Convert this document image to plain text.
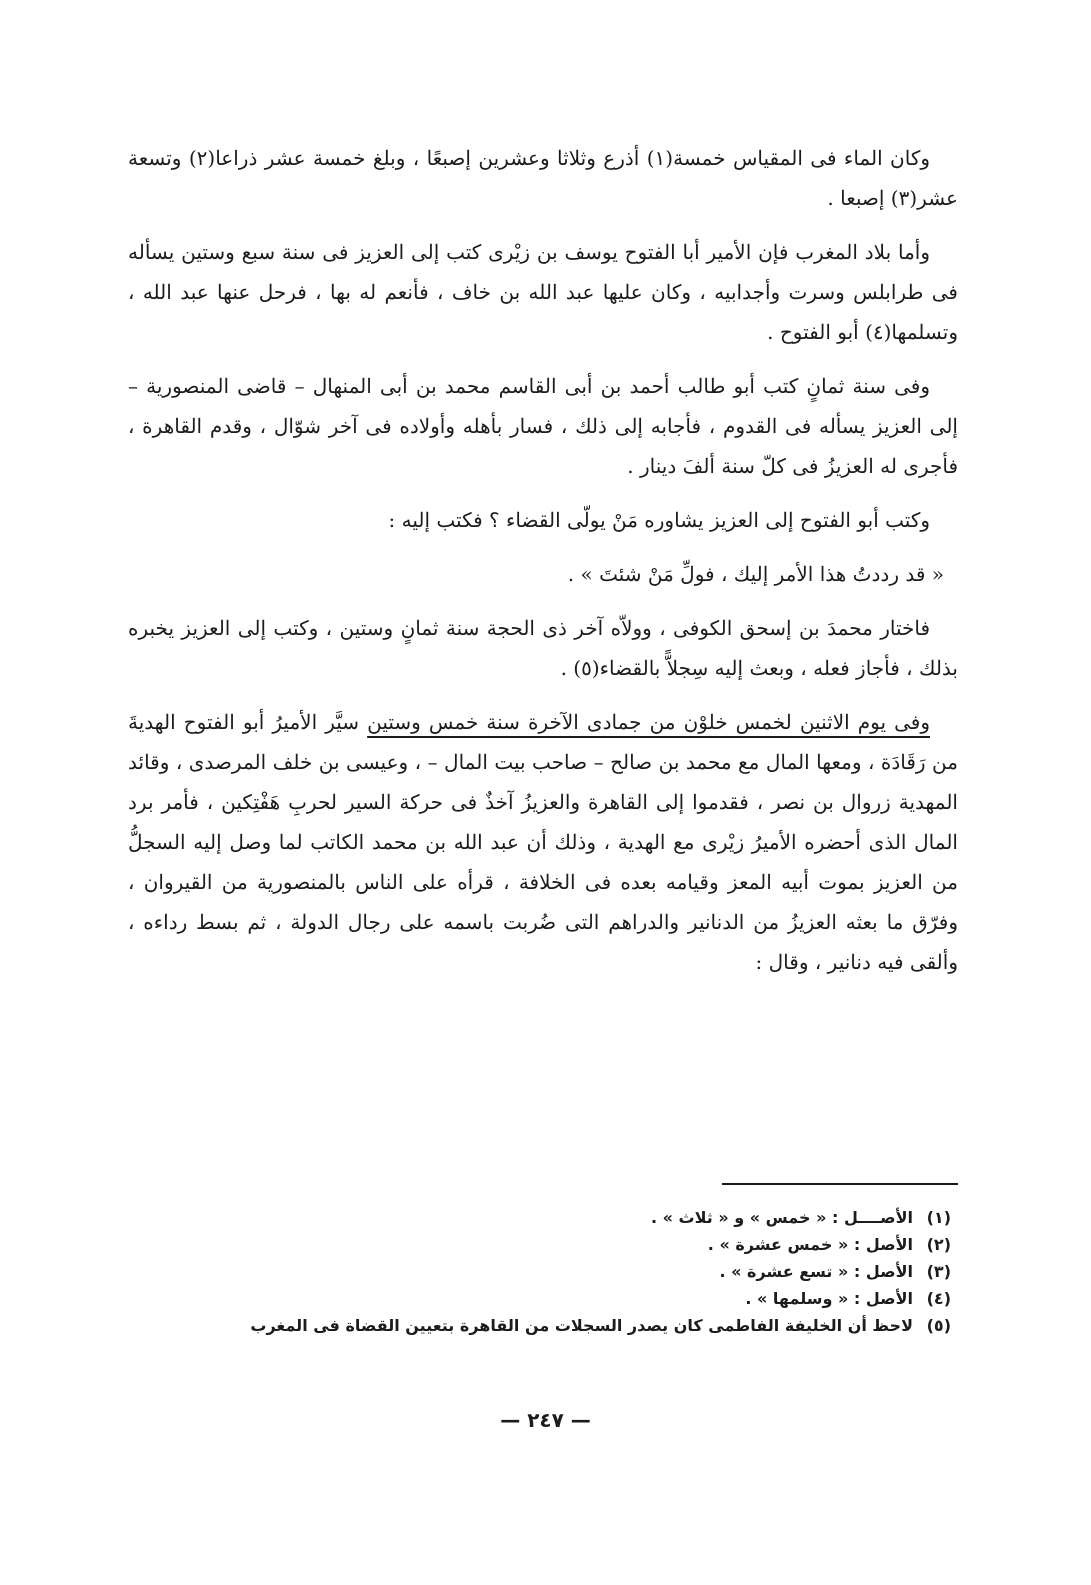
وكان الماء فى المقياس خمسة(١) أذرع وثلاثا وعشرين إصبعًا ، وبلغ خمسة عشر ذراعا(٢) وتسعة عشر(٣) إصبعا .

وأما بلاد المغرب فإن الأمير أبا الفتوح يوسف بن زيْرى كتب إلى العزيز فى سنة سبع وستين يسأله فى طرابلس وسرت وأجدابيه ، وكان عليها عبد الله بن خاف ، فأنعم له بها ، فرحل عنها عبد الله ، وتسلمها(٤) أبو الفتوح .

وفى سنة ثمانٍ كتب أبو طالب أحمد بن أبى القاسم محمد بن أبى المنهال – قاضى المنصورية – إلى العزيز يسأله فى القدوم ، فأجابه إلى ذلك ، فسار بأهله وأولاده فى آخر شوّال ، وقدم القاهرة ، فأجرى له العزيزُ فى كلّ سنة ألفَ دينار .

وكتب أبو الفتوح إلى العزيز يشاوره مَنْ يولّى القضاء ؟ فكتب إليه :

« قد رددتُ هذا الأمر إليك ، فولِّ مَنْ شئتَ » .

فاختار محمدَ بن إسحق الكوفى ، وولاّه آخر ذى الحجة سنة ثمانٍ وستين ، وكتب إلى العزيز يخبره بذلك ، فأجاز فعله ، وبعث إليه سِجلاًّ بالقضاء(٥) .

وفى يوم الاثنين لخمس خلوْن من جمادى الآخرة سنة خمس وستين سيَّر الأميرُ أبو الفتوح الهديةَ من رَقَادَة ، ومعها المال مع محمد بن صالح – صاحب بيت المال – ، وعيسى بن خلف المرصدى ، وقائد المهدية زروال بن نصر ، فقدموا إلى القاهرة والعزيزُ آخذٌ فى حركة السير لحربِ هَفْتِكين ، فأمر برد المال الذى أحضره الأميرُ زيْرى مع الهدية ، وذلك أن عبد الله بن محمد الكاتب لما وصل إليه السجلُّ من العزيز بموت أبيه المعز وقيامه بعده فى الخلافة ، قرأه على الناس بالمنصورية من القيروان ، وفرّق ما بعثه العزيزُ من الدنانير والدراهم التى ضُربت باسمه على رجال الدولة ، ثم بسط رداءه ، وألقى فيه دنانير ، وقال :

(١)
الأصــــل : « خمس » و « ثلاث » .
(٢)
الأصل : « خمس عشرة » .
(٣)
الأصل : « تسع عشرة » .
(٤)
الأصل : « وسلمها » .
(٥)
لاحظ أن الخليفة الفاطمى كان يصدر السجلات من القاهرة بتعيين القضاة فى المغرب
— ٢٤٧ —
